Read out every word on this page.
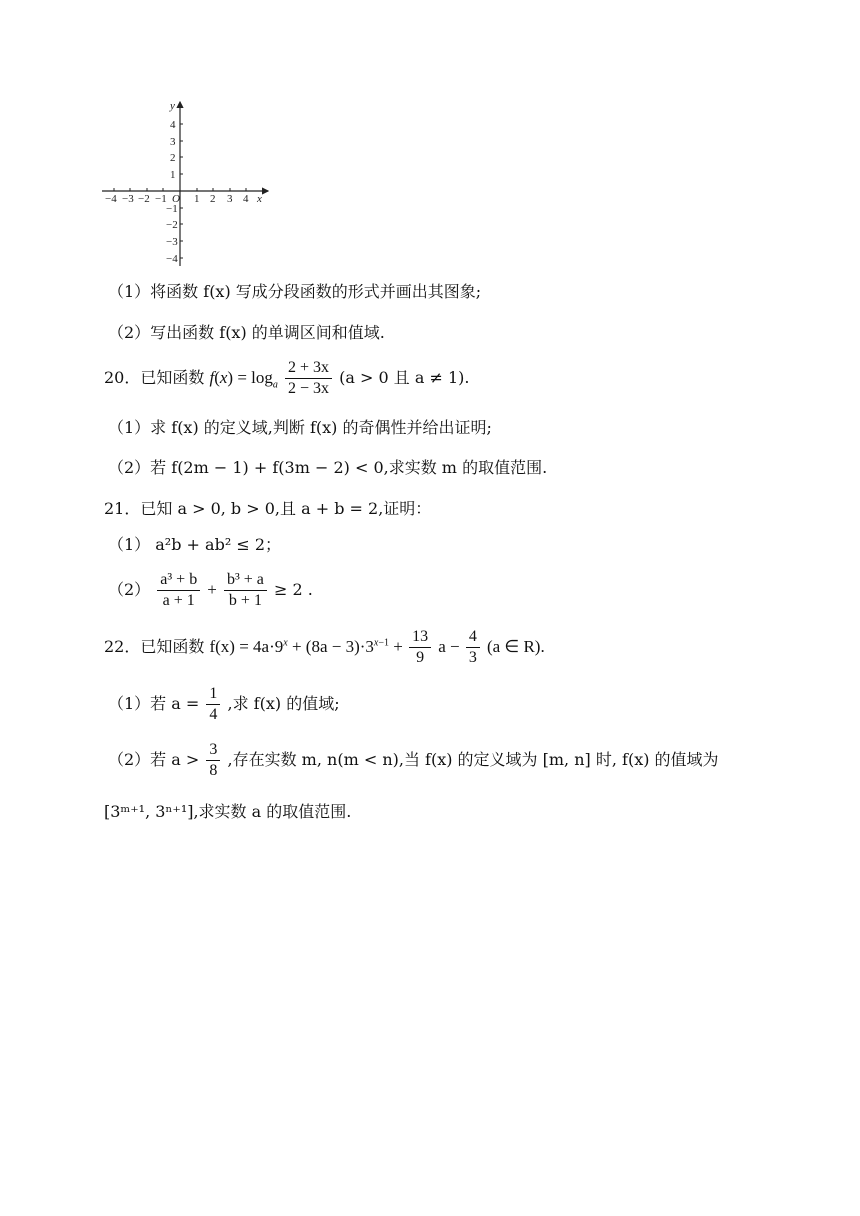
y
x
O
−4 −3 −2 −1 1 2 3 4
4
3
2
1
−1
−2
−3
−4
（1）将函数 f(x) 写成分段函数的形式并画出其图象;
（2）写出函数 f(x) 的单调区间和值域.
20．已知函数 $f(x) = \log_a \frac{2 + 3x}{2 - 3x} (a > 0$ 且 a ≠ 1).
（1）求 f(x) 的定义域,判断 f(x) 的奇偶性并给出证明;
（2）若 f(2m − 1) + f(3m − 2) < 0,求实数 m 的取值范围.
21．已知 a > 0, b > 0,且 a + b = 2,证明：
（1） a²b + ab² ≤ 2；
$(2) \frac{\text{a³ + b}}{a + 1} + \frac{\text{b³ + a}}{b + 1} \ge 2$ .
22．已知函数 $f(x) = 4a\cdot 9^x + (8a - 3)\cdot 3^{x-1} + \frac{13}{9}$ $a - \frac{4}{3} (a$ ∈ R).
（1）若 $a = \frac{1}{4}$ ,求 f(x) 的值域;
（2）若 $a > \frac{3}{8}$ ,存在实数 m, n(m < n),当 f(x) 的定义域为 [m, n] 时, f(x) 的值域为
[3ᵐ⁺¹, 3ⁿ⁺¹],求实数 a 的取值范围.
